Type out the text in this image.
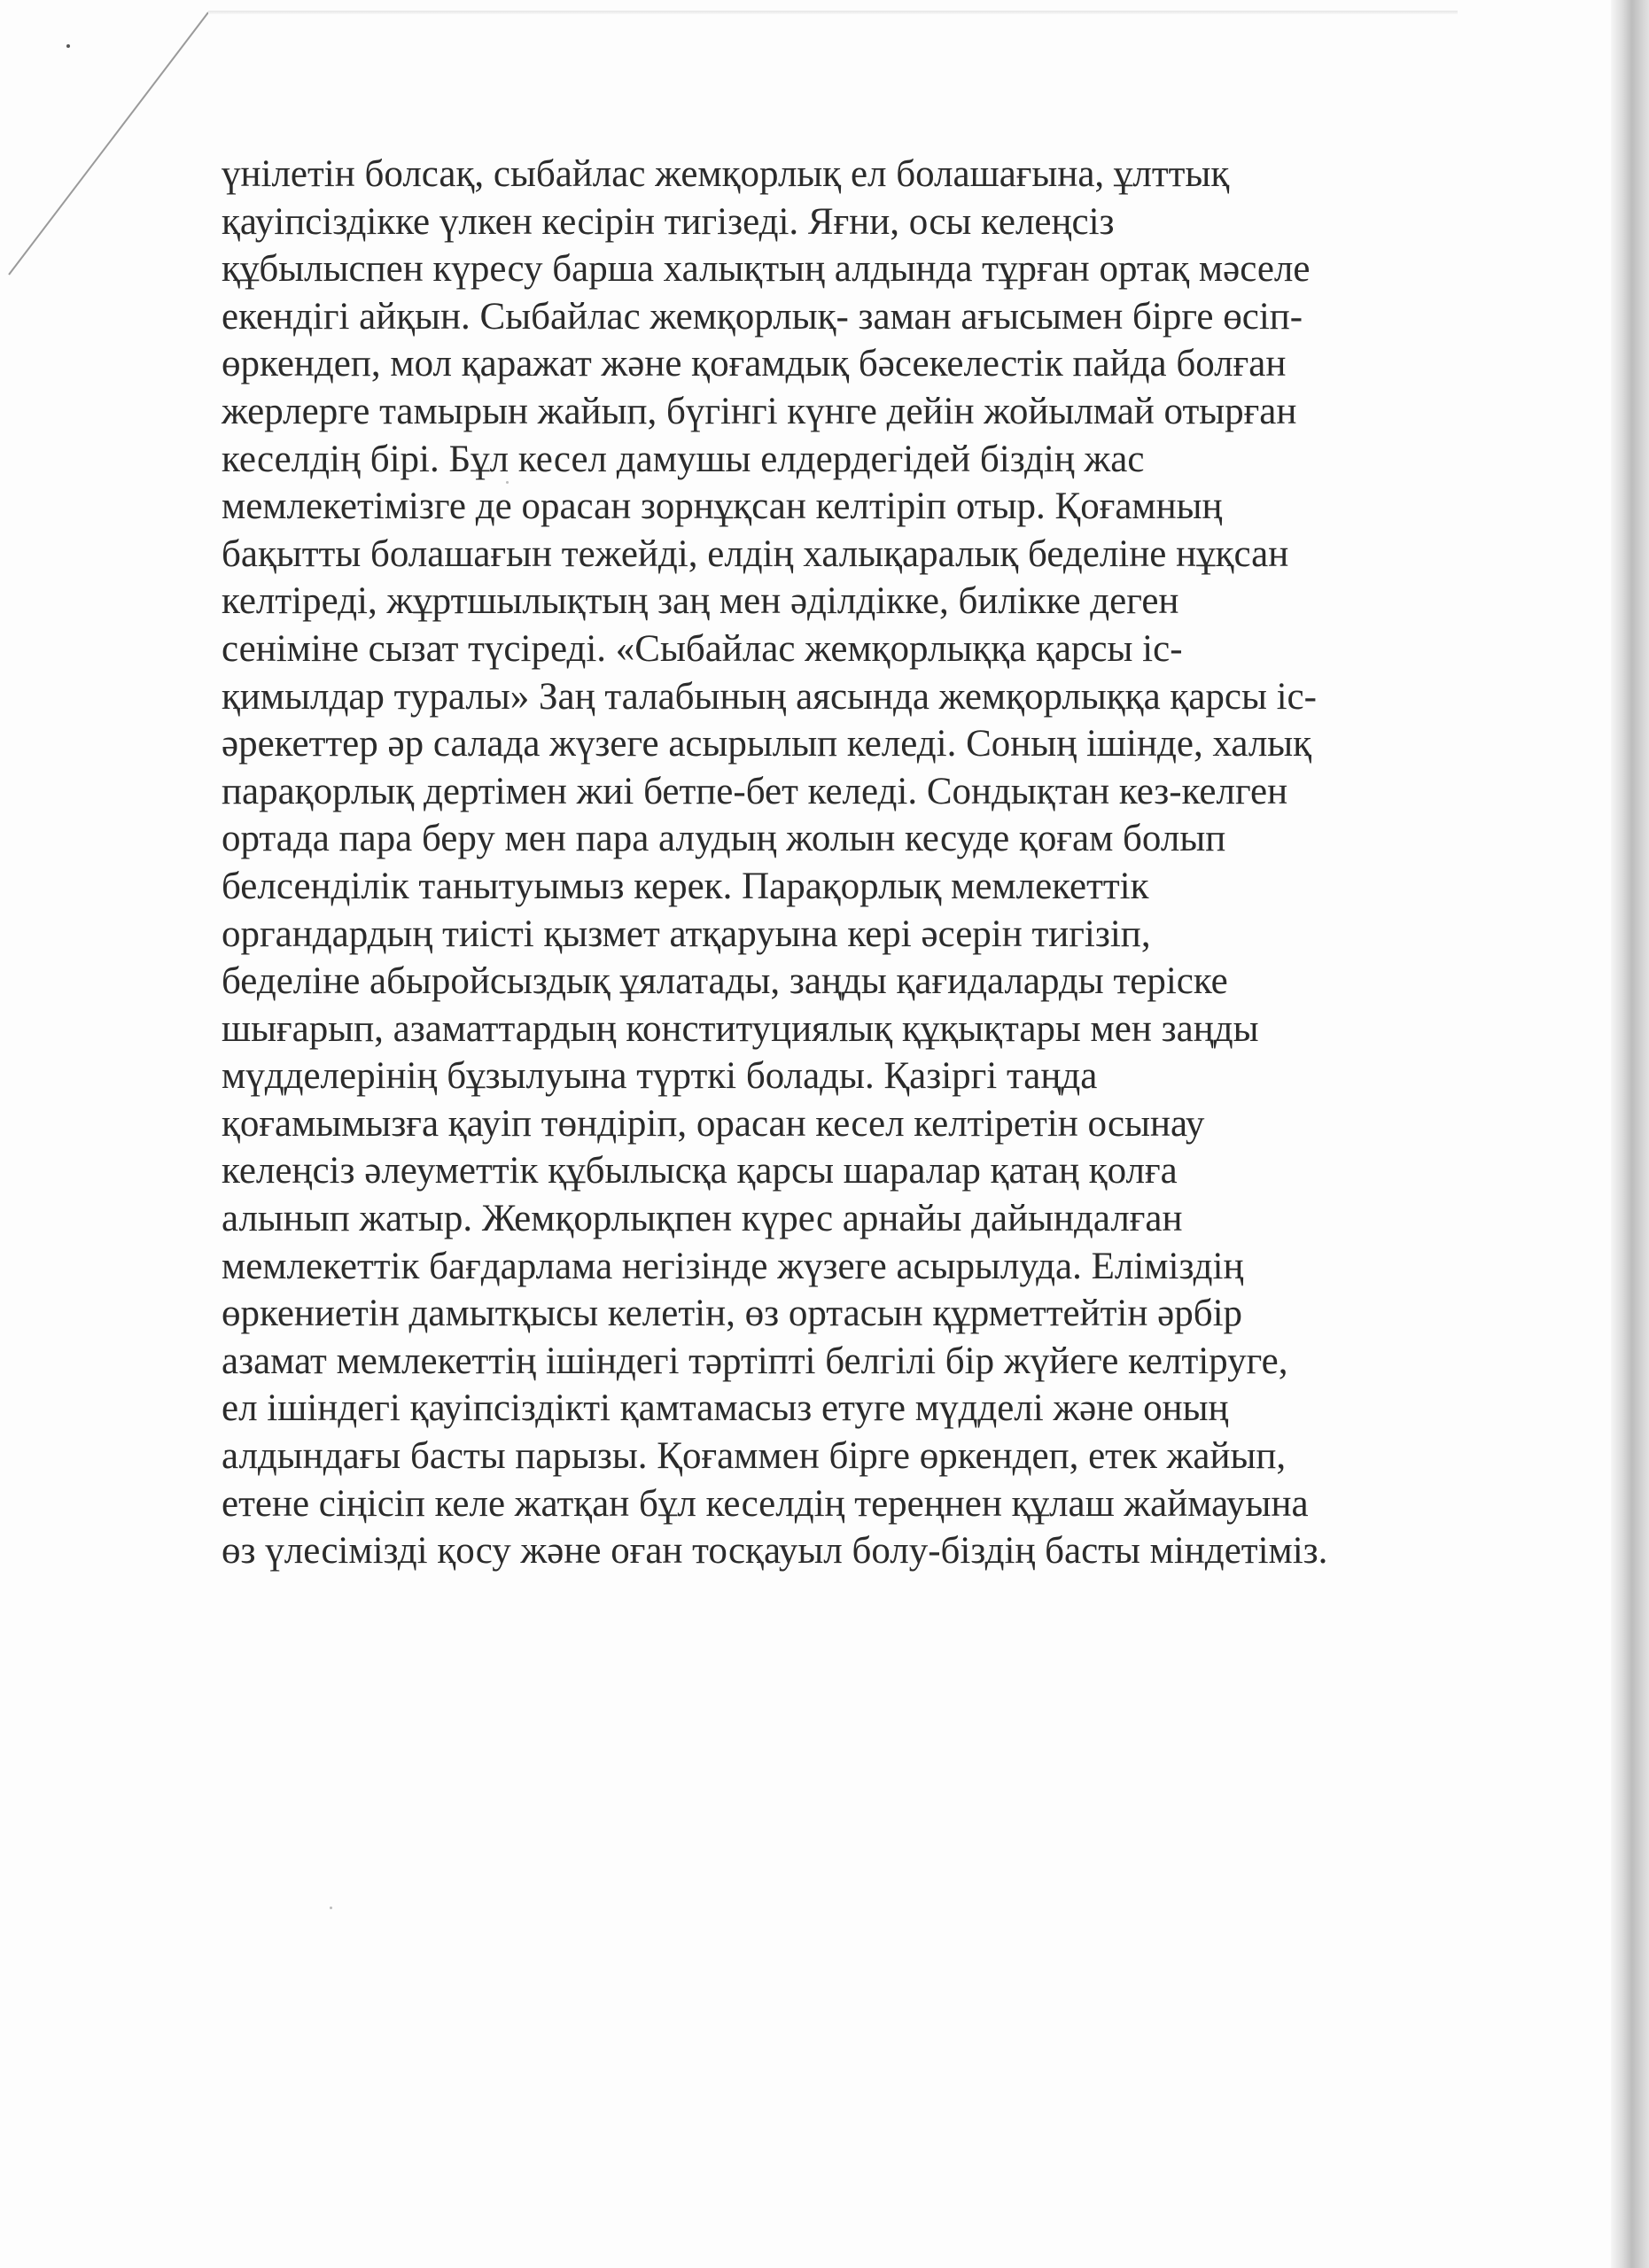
үнілетін болсақ, сыбайлас жемқорлық ел болашағына, ұлттық
қауіпсіздікке үлкен кесірін тигізеді. Яғни, осы келеңсіз
құбылыспен күресу барша халықтың алдында тұрған ортақ мәселе
екендігі айқын. Сыбайлас жемқорлық- заман ағысымен бірге өсіп-
өркендеп, мол қаражат және қоғамдық бәсекелестік пайда болған
жерлерге тамырын жайып, бүгінгі күнге дейін жойылмай отырған
кеселдің бірі. Бұл кесел дамушы елдердегідей біздің жас
мемлекетімізге де орасан зорнұқсан келтіріп отыр. Қоғамның
бақытты болашағын тежейді, елдің халықаралық беделіне нұқсан
келтіреді, жұртшылықтың заң мен әділдікке, билікке деген
сеніміне сызат түсіреді. «Сыбайлас жемқорлыққа қарсы іс-
қимылдар туралы» Заң талабының аясында жемқорлыққа қарсы іс-
әрекеттер әр салада жүзеге асырылып келеді. Соның ішінде, халық
парақорлық дертімен жиі бетпе-бет келеді. Сондықтан кез-келген
ортада пара беру мен пара алудың жолын кесуде қоғам болып
белсенділік танытуымыз керек. Парақорлық мемлекеттік
органдардың тиісті қызмет атқаруына кері әсерін тигізіп,
беделіне абыройсыздық ұялатады, заңды қағидаларды теріске
шығарып, азаматтардың конституциялық құқықтары мен заңды
мүдделерінің бұзылуына түрткі болады. Қазіргі таңда
қоғамымызға қауіп төндіріп, орасан кесел келтіретін осынау
келеңсіз әлеуметтік құбылысқа қарсы шаралар қатаң қолға
алынып жатыр. Жемқорлықпен күрес арнайы дайындалған
мемлекеттік бағдарлама негізінде жүзеге асырылуда. Еліміздің
өркениетін дамытқысы келетін, өз ортасын құрметтейтін әрбір
азамат мемлекеттің ішіндегі тәртіпті белгілі бір жүйеге келтіруге,
ел ішіндегі қауіпсіздікті қамтамасыз етуге мүдделі және оның
алдындағы басты парызы. Қоғаммен бірге өркендеп, етек жайып,
етене сіңісіп келе жатқан бұл кеселдің тереңнен құлаш жаймауына
өз үлесімізді қосу және оған тосқауыл болу-біздің басты міндетіміз.
